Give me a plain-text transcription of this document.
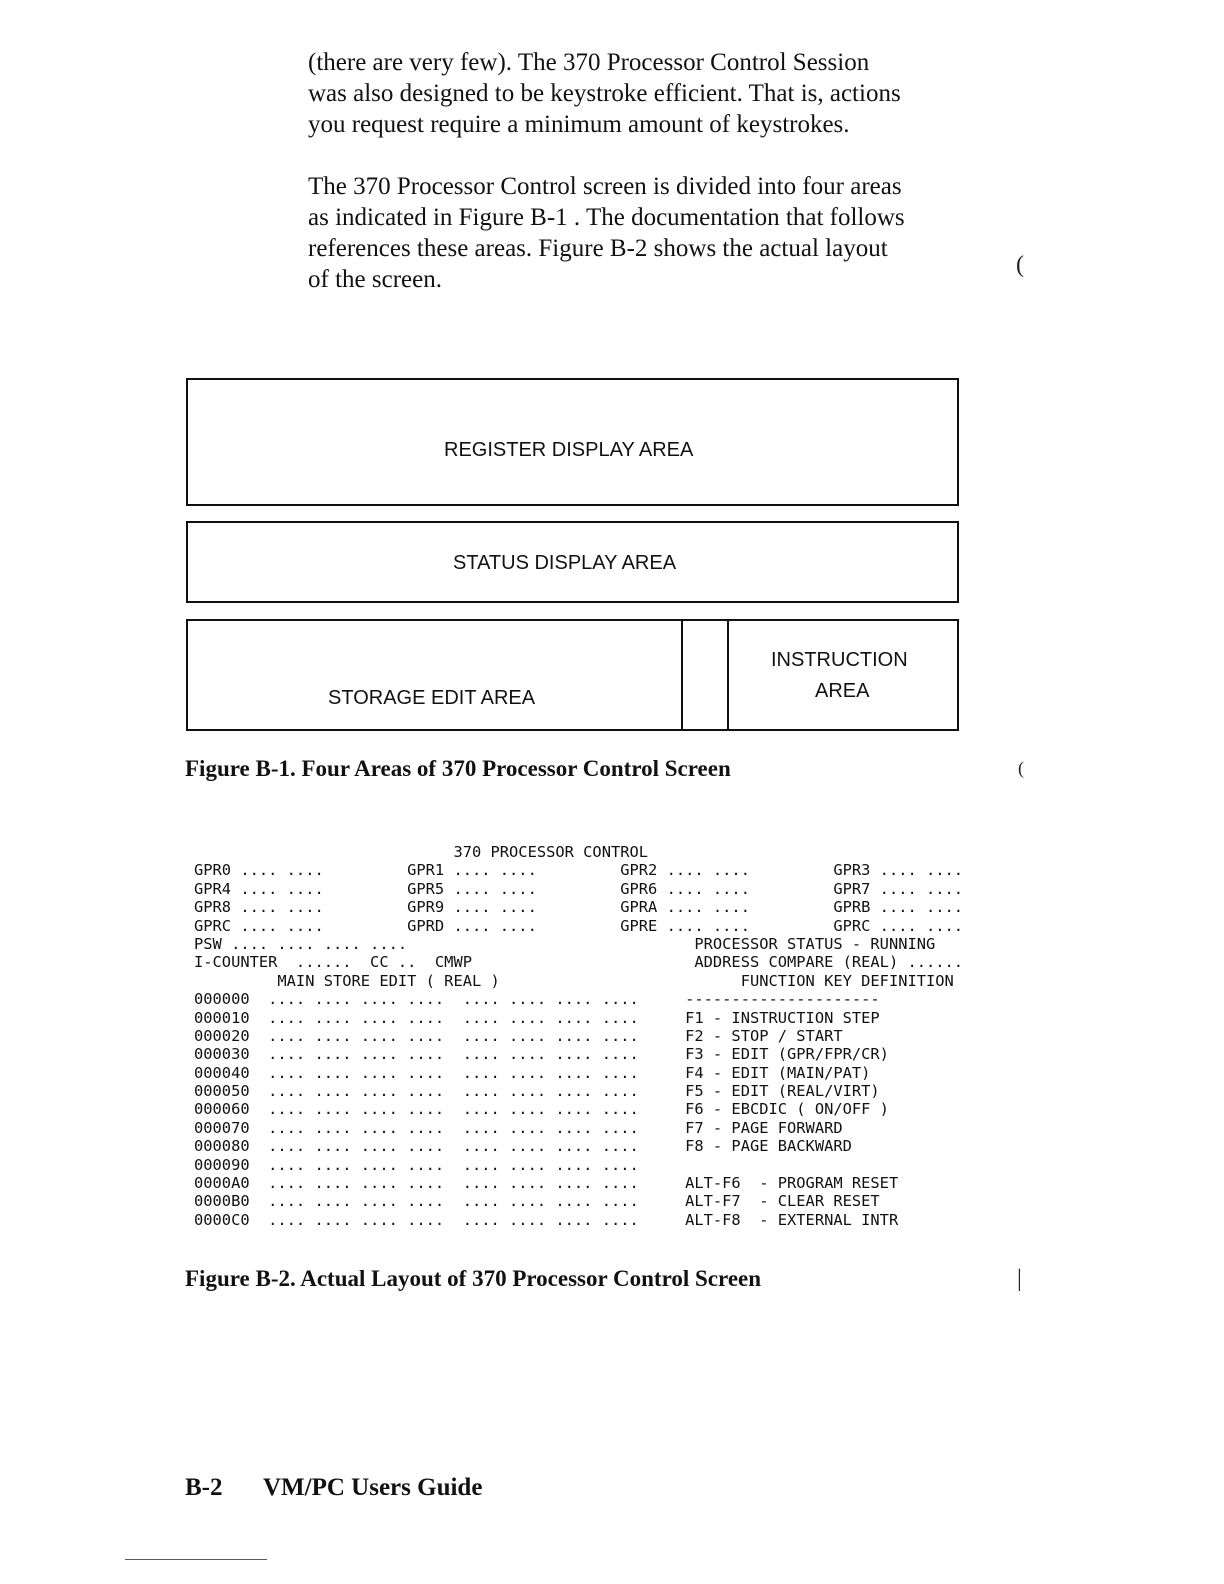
(there are very few). The 370 Processor Control Session
was also designed to be keystroke efficient. That is, actions
you request require a minimum amount of keystrokes.
The 370 Processor Control screen is divided into four areas
as indicated in Figure B-1 . The documentation that follows
references these areas. Figure B-2 shows the actual layout
of the screen.
(
(
|
REGISTER DISPLAY AREA
STATUS DISPLAY AREA
STORAGE EDIT AREA
INSTRUCTION
AREA
Figure B-1. Four Areas of 370 Processor Control Screen
370 PROCESSOR CONTROL
GPR0 .... ....         GPR1 .... ....         GPR2 .... ....         GPR3 .... ....
GPR4 .... ....         GPR5 .... ....         GPR6 .... ....         GPR7 .... ....
GPR8 .... ....         GPR9 .... ....         GPRA .... ....         GPRB .... ....
GPRC .... ....         GPRD .... ....         GPRE .... ....         GPRC .... ....
PSW .... .... .... ....                               PROCESSOR STATUS - RUNNING
I-COUNTER  ......  CC ..  CMWP                        ADDRESS COMPARE (REAL) ......
MAIN STORE EDIT ( REAL )                          FUNCTION KEY DEFINITION
000000  .... .... .... ....  .... .... .... ....     ---------------------
000010  .... .... .... ....  .... .... .... ....     F1 - INSTRUCTION STEP
000020  .... .... .... ....  .... .... .... ....     F2 - STOP / START
000030  .... .... .... ....  .... .... .... ....     F3 - EDIT (GPR/FPR/CR)
000040  .... .... .... ....  .... .... .... ....     F4 - EDIT (MAIN/PAT)
000050  .... .... .... ....  .... .... .... ....     F5 - EDIT (REAL/VIRT)
000060  .... .... .... ....  .... .... .... ....     F6 - EBCDIC ( ON/OFF )
000070  .... .... .... ....  .... .... .... ....     F7 - PAGE FORWARD
000080  .... .... .... ....  .... .... .... ....     F8 - PAGE BACKWARD
000090  .... .... .... ....  .... .... .... ....
0000A0  .... .... .... ....  .... .... .... ....     ALT-F6  - PROGRAM RESET
0000B0  .... .... .... ....  .... .... .... ....     ALT-F7  - CLEAR RESET
0000C0  .... .... .... ....  .... .... .... ....     ALT-F8  - EXTERNAL INTR
Figure B-2. Actual Layout of 370 Processor Control Screen
B-2 VM/PC Users Guide
